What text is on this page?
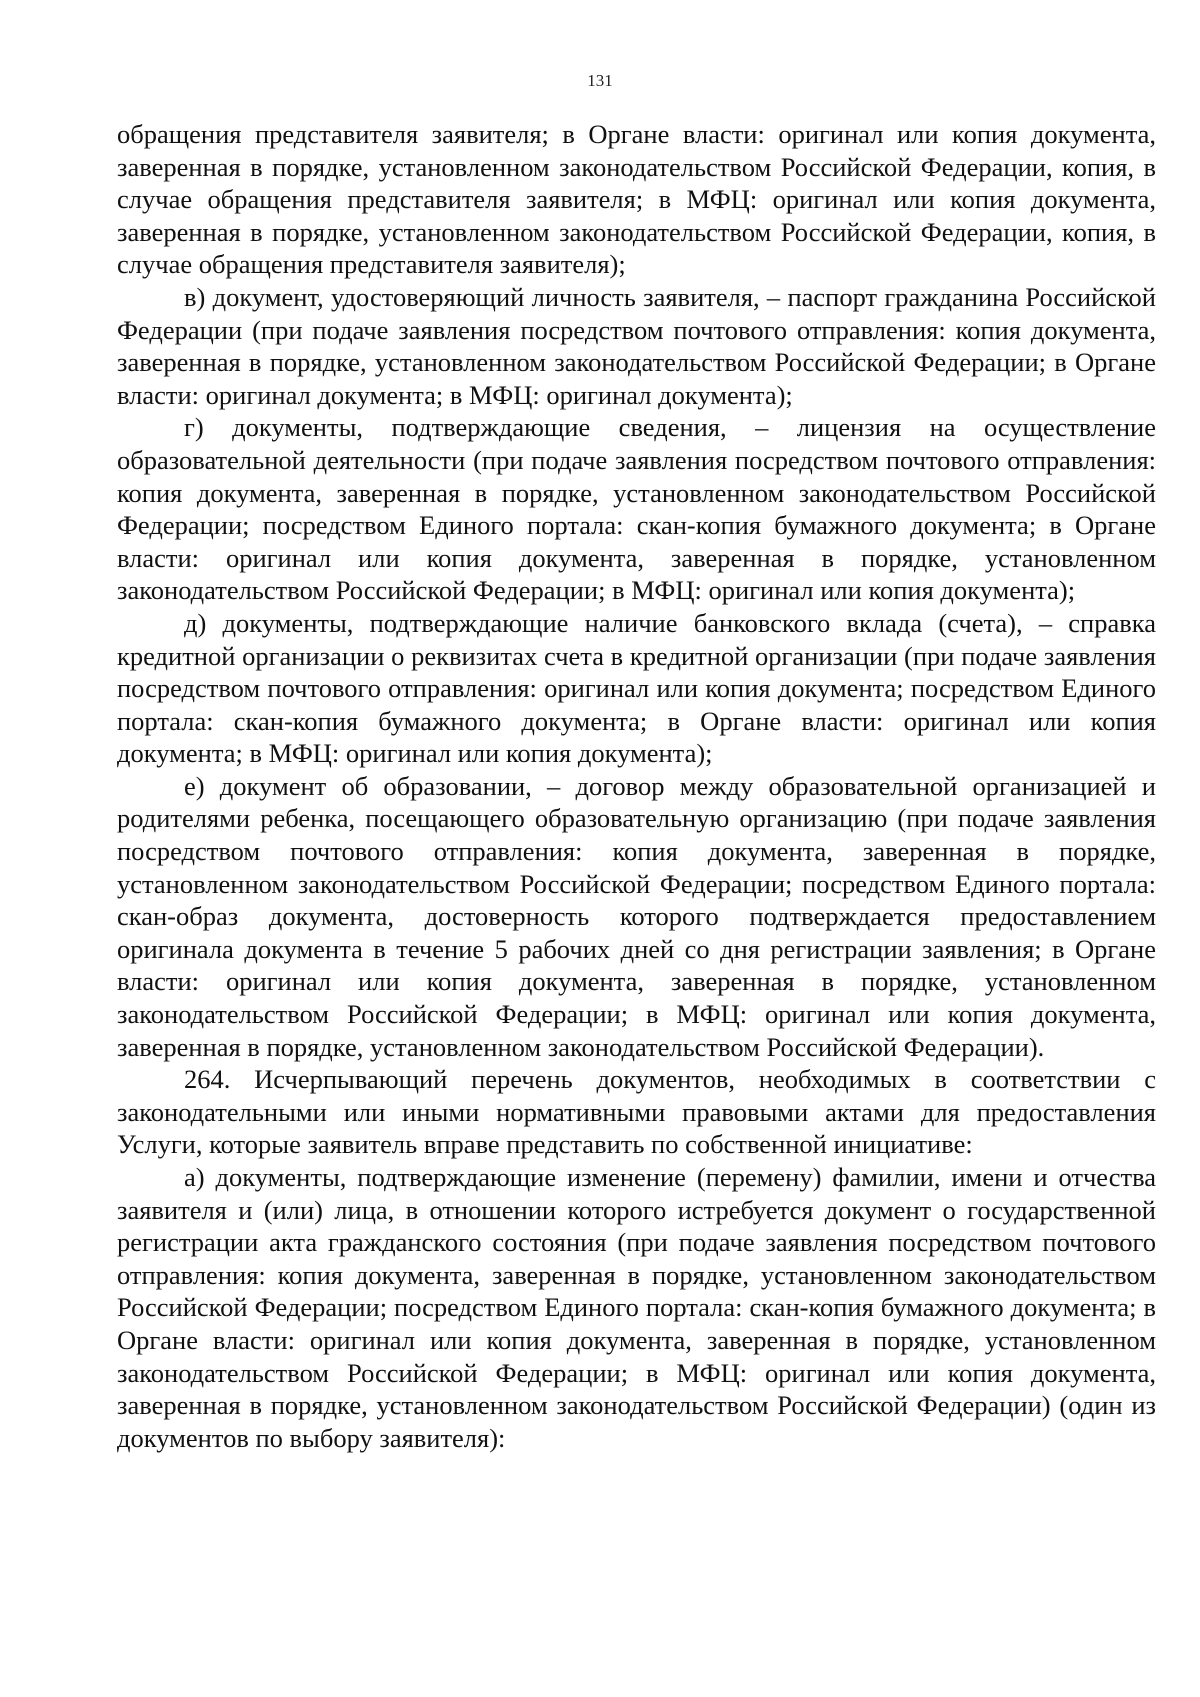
131

обращения представителя заявителя; в Органе власти: оригинал или копия документа, заверенная в порядке, установленном законодательством Российской Федерации, копия, в случае обращения представителя заявителя; в МФЦ: оригинал или копия документа, заверенная в порядке, установленном законодательством Российской Федерации, копия, в случае обращения представителя заявителя);

в) документ, удостоверяющий личность заявителя, – паспорт гражданина Российской Федерации (при подаче заявления посредством почтового отправления: копия документа, заверенная в порядке, установленном законодательством Российской Федерации; в Органе власти: оригинал документа; в МФЦ: оригинал документа);

г) документы, подтверждающие сведения, – лицензия на осуществление образовательной деятельности (при подаче заявления посредством почтового отправления: копия документа, заверенная в порядке, установленном законодательством Российской Федерации; посредством Единого портала: скан-копия бумажного документа; в Органе власти: оригинал или копия документа, заверенная в порядке, установленном законодательством Российской Федерации; в МФЦ: оригинал или копия документа);

д) документы, подтверждающие наличие банковского вклада (счета), – справка кредитной организации о реквизитах счета в кредитной организации (при подаче заявления посредством почтового отправления: оригинал или копия документа; посредством Единого портала: скан-копия бумажного документа; в Органе власти: оригинал или копия документа; в МФЦ: оригинал или копия документа);

е) документ об образовании, – договор между образовательной организацией и родителями ребенка, посещающего образовательную организацию (при подаче заявления посредством почтового отправления: копия документа, заверенная в порядке, установленном законодательством Российской Федерации; посредством Единого портала: скан-образ документа, достоверность которого подтверждается предоставлением оригинала документа в течение 5 рабочих дней со дня регистрации заявления; в Органе власти: оригинал или копия документа, заверенная в порядке, установленном законодательством Российской Федерации; в МФЦ: оригинал или копия документа, заверенная в порядке, установленном законодательством Российской Федерации).

264. Исчерпывающий перечень документов, необходимых в соответствии с законодательными или иными нормативными правовыми актами для предоставления Услуги, которые заявитель вправе представить по собственной инициативе:

а) документы, подтверждающие изменение (перемену) фамилии, имени и отчества заявителя и (или) лица, в отношении которого истребуется документ о государственной регистрации акта гражданского состояния (при подаче заявления посредством почтового отправления: копия документа, заверенная в порядке, установленном законодательством Российской Федерации; посредством Единого портала: скан-копия бумажного документа; в Органе власти: оригинал или копия документа, заверенная в порядке, установленном законодательством Российской Федерации; в МФЦ: оригинал или копия документа, заверенная в порядке, установленном законодательством Российской Федерации) (один из документов по выбору заявителя):
